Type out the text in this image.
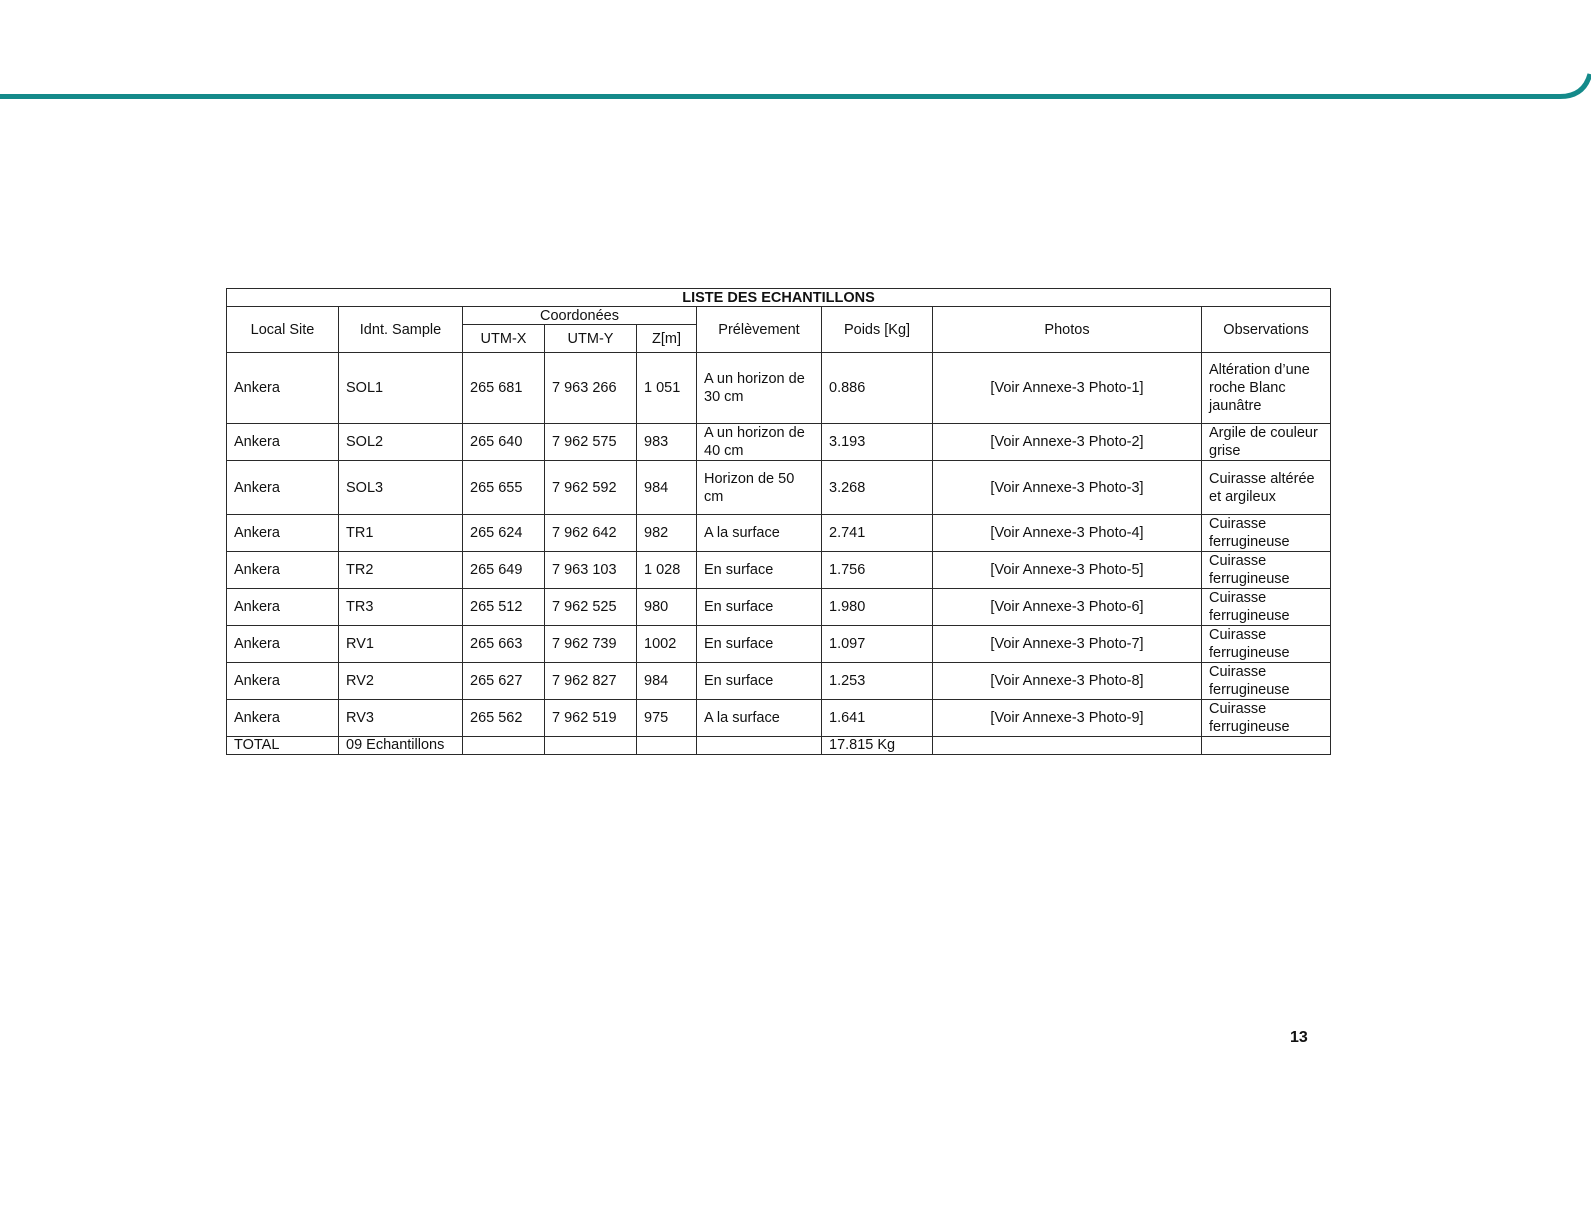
LISTE DES ECHANTILLONS								
Local Site	Idnt. Sample	Coordonées			Prélèvement	Poids [Kg]	Photos	Observations
		UTM-X	UTM-Y	Z[m]				
Ankera	SOL1	265 681	7 963 266	1 051	A un horizon de 30 cm	0.886	[Voir Annexe-3 Photo-1]	Altération d’une roche Blanc jaunâtre
Ankera	SOL2	265 640	7 962 575	983	A un horizon de 40 cm	3.193	[Voir Annexe-3 Photo-2]	Argile de couleur grise
Ankera	SOL3	265 655	7 962 592	984	Horizon de 50 cm	3.268	[Voir Annexe-3 Photo-3]	Cuirasse altérée et argileux
Ankera	TR1	265 624	7 962 642	982	A la surface	2.741	[Voir Annexe-3 Photo-4]	Cuirasse ferrugineuse
Ankera	TR2	265 649	7 963 103	1 028	En surface	1.756	[Voir Annexe-3 Photo-5]	Cuirasse ferrugineuse
Ankera	TR3	265 512	7 962 525	980	En surface	1.980	[Voir Annexe-3 Photo-6]	Cuirasse ferrugineuse
Ankera	RV1	265 663	7 962 739	1002	En surface	1.097	[Voir Annexe-3 Photo-7]	Cuirasse ferrugineuse
Ankera	RV2	265 627	7 962 827	984	En surface	1.253	[Voir Annexe-3 Photo-8]	Cuirasse ferrugineuse
Ankera	RV3	265 562	7 962 519	975	A la surface	1.641	[Voir Annexe-3 Photo-9]	Cuirasse ferrugineuse
TOTAL	09 Echantillons					17.815 Kg		
13
